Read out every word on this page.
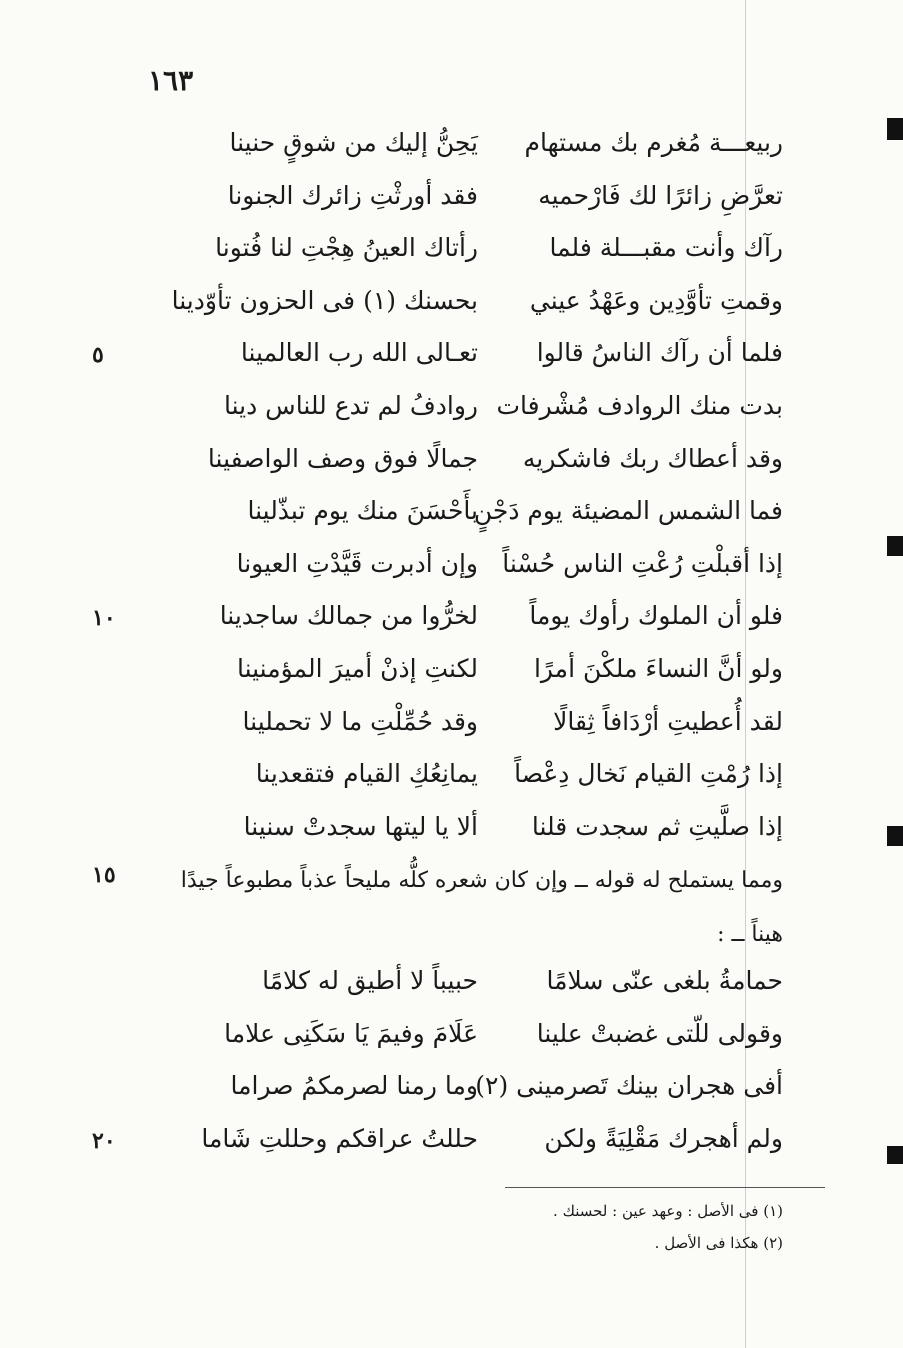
١٦٣
ربيعـــة مُغرم بك مستهام
يَحِنُّ إليك من شوقٍ حنينا
تعرَّضِ زائرًا لك فَارْحميه
فقد أورثْتِ زائرك الجنونا
رآك وأنت مقبـــلة فلما
رأتاك العينُ هِجْتِ لنا فُتونا
وقمتِ تأوَّدِين وعَهْدُ عيني
بحسنك (١) فى الحزون تأوّدينا
فلما أن رآك الناسُ قالوا
تعـالى الله رب العالمينا
٥
بدت منك الروادف مُشْرفات
روادفُ لم تدع للناس دينا
وقد أعطاك ربك فاشكريه
جمالًا فوق وصف الواصفينا
فما الشمس المضيئة يوم دَجْنٍ
بأَحْسَنَ منك يوم تبذّلينا
إذا أقبلْتِ رُعْتِ الناس حُسْناً
وإن أدبرت قَيَّدْتِ العيونا
فلو أن الملوك رأوك يوماً
لخرُّوا من جمالك ساجدينا
١٠
ولو أنَّ النساءَ ملكْنَ أمرًا
لكنتِ إذنْ أميرَ المؤمنينا
لقد أُعطيتِ أرْدَافاً ثِقالًا
وقد حُمِّلْتِ ما لا تحملينا
إذا رُمْتِ القيام نَخال دِعْصاً
يمانِعُكِ القيام فتقعدينا
إذا صلَّيتِ ثم سجدت قلنا
ألا يا ليتها سجدتْ سنينا
ومما يستملح له قوله ــ وإن كان شعره كلُّه مليحاً عذباً مطبوعاً جيدًا
١٥
هيناً ــ :
حمامةُ بلغى عنّى سلامًا
حبيباً لا أطيق له كلامًا
وقولى للّتى غضبتْ علينا
عَلَامَ وفيمَ يَا سَكَنِى علاما
أفى هجران بينك تَصرمينى (٢)
وما رمنا لصرمكمُ صراما
ولم أهجرك مَقْلِيَةً ولكن
حللتُ عراقكم وحللتِ شَاما
٢٠
(١) فى الأصل : وعهد عين : لحسنك .
(٢) هكذا فى الأصل .
